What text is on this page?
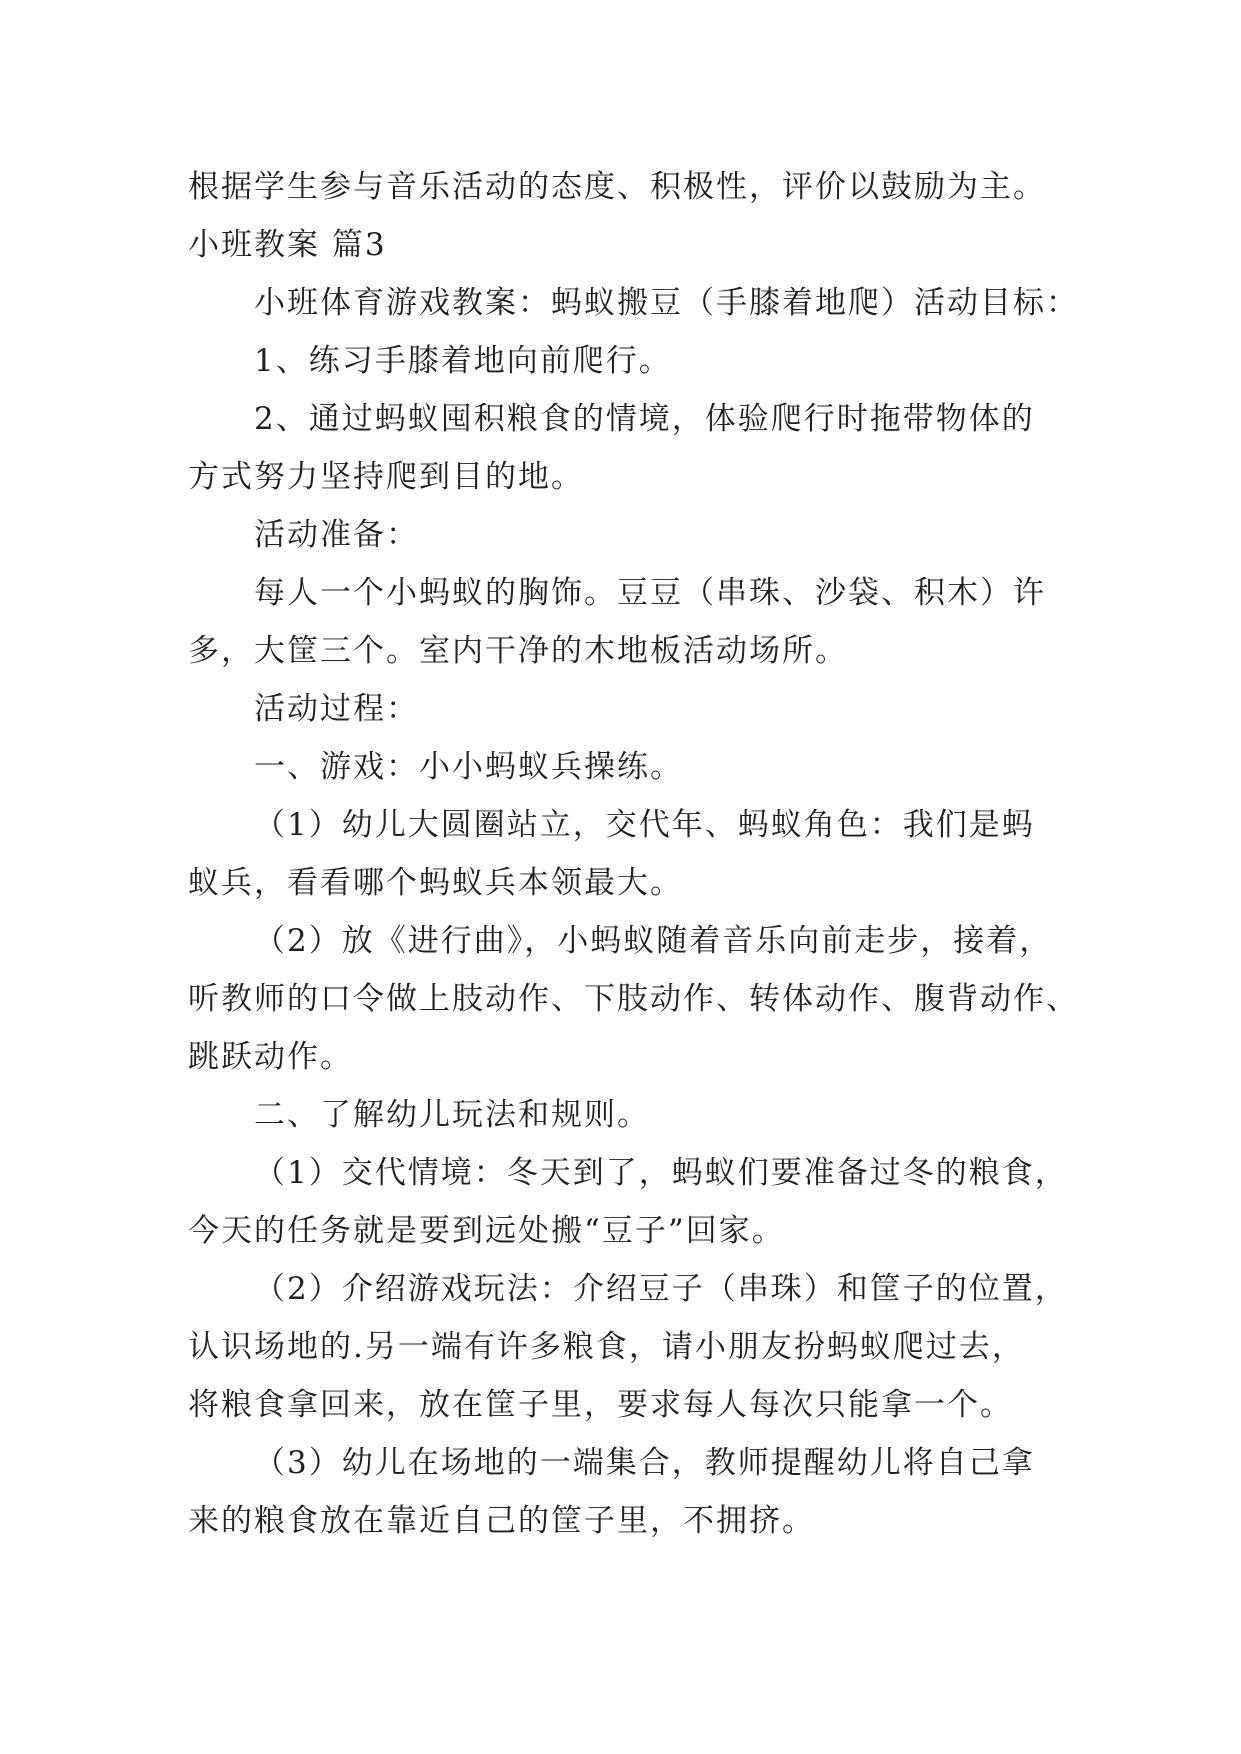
根据学生参与音乐活动的态度、积极性，评价以鼓励为主。
小班教案 篇3
小班体育游戏教案：蚂蚁搬豆（手膝着地爬）活动目标：
1、练习手膝着地向前爬行。
2、通过蚂蚁囤积粮食的情境，体验爬行时拖带物体的
方式努力坚持爬到目的地。
活动准备：
每人一个小蚂蚁的胸饰。豆豆（串珠、沙袋、积木）许
多，大筐三个。室内干净的木地板活动场所。
活动过程：
一、游戏：小小蚂蚁兵操练。
（1）幼儿大圆圈站立，交代年、蚂蚁角色：我们是蚂
蚁兵，看看哪个蚂蚁兵本领最大。
（2）放《进行曲》，小蚂蚁随着音乐向前走步，接着，
听教师的口令做上肢动作、下肢动作、转体动作、腹背动作、
跳跃动作。
二、了解幼儿玩法和规则。
（1）交代情境：冬天到了，蚂蚁们要准备过冬的粮食，
今天的任务就是要到远处搬“豆子”回家。
（2）介绍游戏玩法：介绍豆子（串珠）和筐子的位置，
认识场地的.另一端有许多粮食，请小朋友扮蚂蚁爬过去，
将粮食拿回来，放在筐子里，要求每人每次只能拿一个。
（3）幼儿在场地的一端集合，教师提醒幼儿将自己拿
来的粮食放在靠近自己的筐子里，不拥挤。
